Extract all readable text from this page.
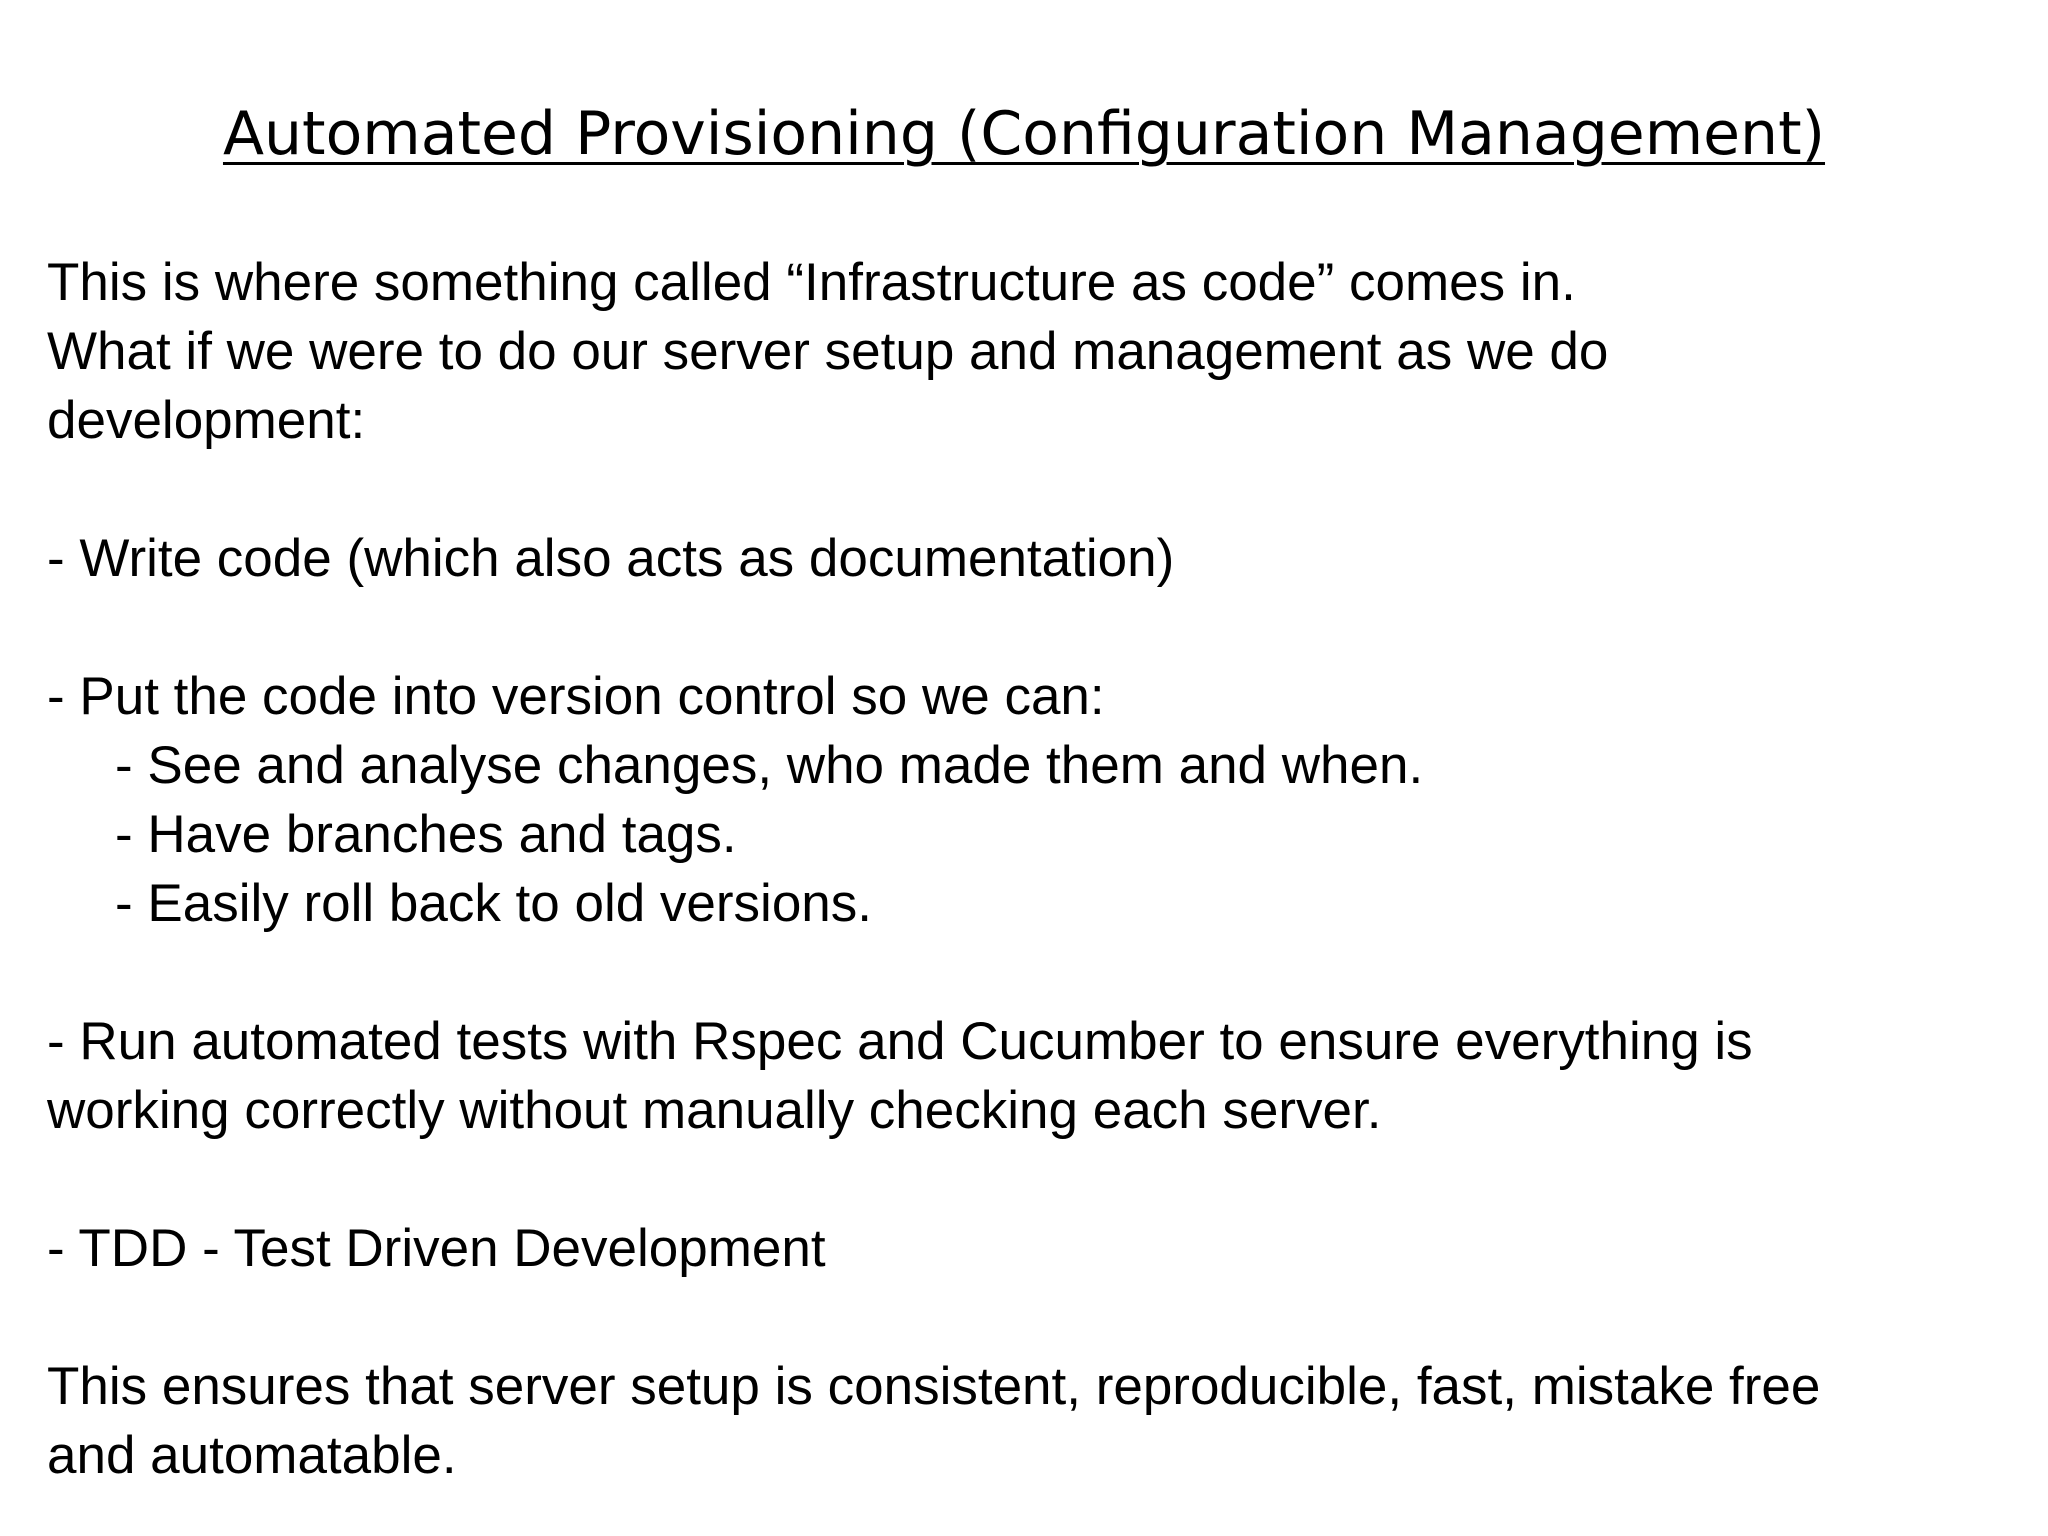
Automated Provisioning (Configuration Management)
This is where something called “Infrastructure as code” comes in.
What if we were to do our server setup and management as we do
development:
- Write code (which also acts as documentation)
- Put the code into version control so we can:
- See and analyse changes, who made them and when.
- Have branches and tags.
- Easily roll back to old versions.
- Run automated tests with Rspec and Cucumber to ensure everything is
working correctly without manually checking each server.
- TDD - Test Driven Development
This ensures that server setup is consistent, reproducible, fast, mistake free
and automatable.
